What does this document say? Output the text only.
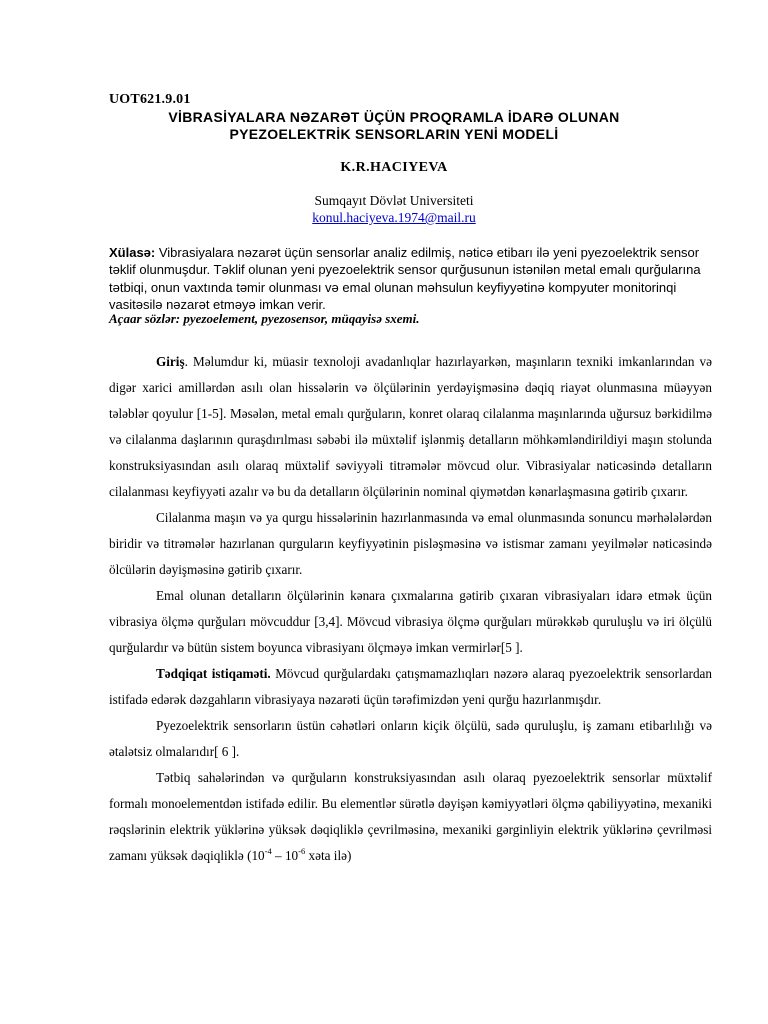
UOT621.9.01
VİBRASİYALARA NƏZARƏT ÜÇÜN PROQRAMLA İDARƏ OLUNAN
PYEZOELEKTRİK SENSORLARIN YENİ MODELİ
K.R.HACIYEVA
Sumqayıt Dövlət Universiteti
konul.haciyeva.1974@mail.ru
Xülasə: Vibrasiyalara nəzarət üçün sensorlar analiz edilmiş, nəticə etibarı ilə yeni pyezoelektrik sensor təklif olunmuşdur. Təklif olunan yeni pyezoelektrik sensor qurğusunun istənilən metal emalı qurğularına tətbiqi, onun vaxtında təmir olunması və emal olunan məhsulun keyfiyyətinə kompyuter monitorinqi vasitəsilə nəzarət etməyə imkan verir.
Açaar sözlər: pyezoelement, pyezosensor, müqayisə sxemi.

Giriş. Məlumdur ki, müasir texnoloji avadanlıqlar hazırlayarkən, maşınların texniki imkanlarından və digər xarici amillərdən asılı olan hissələrin və ölçülərinin yerdəyişməsinə dəqiq riayət olunmasına müəyyən tələblər qoyulur [1-5]. Məsələn, metal emalı qurğuların, konret olaraq cilalanma maşınlarında uğursuz bərkidilmə və cilalanma daşlarının quraşdırılması səbəbi ilə müxtəlif işlənmiş detalların möhkəmləndirildiyi maşın stolunda konstruksiyasından asılı olaraq müxtəlif səviyyəli titrəmələr mövcud olur. Vibrasiyalar nəticəsində detalların cilalanması keyfiyyəti azalır və bu da detalların ölçülərinin nominal qiymətdən kənarlaşmasına gətirib çıxarır.

Cilalanma maşın və ya qurgu hissələrinin hazırlanmasında və emal olunmasında sonuncu mərhələlərdən biridir və titrəmələr hazırlanan qurguların keyfiyyətinin pisləşməsinə və istismar zamanı yeyilmələr nəticəsində ölcülərin dəyişməsinə gətirib çıxarır.

Emal olunan detalların ölçülərinin kənara çıxmalarına gətirib çıxaran vibrasiyaları idarə etmək üçün vibrasiya ölçmə qurğuları mövcuddur [3,4]. Mövcud vibrasiya ölçmə qurğuları mürəkkəb quruluşlu və iri ölçülü qurğulardır və bütün sistem boyunca vibrasiyanı ölçməyə imkan vermirlər[5 ].

Tədqiqat istiqaməti. Mövcud qurğulardakı çatışmamazlıqları nəzərə alaraq pyezoelektrik sensorlardan istifadə edərək dəzgahların vibrasiyaya nəzarəti üçün tərəfimizdən yeni qurğu hazırlanmışdır.

Pyezoelektrik sensorların üstün cəhətləri onların kiçik ölçülü, sadə quruluşlu, iş zamanı etibarlılığı və ətalətsiz olmalarıdır[ 6 ].

Tətbiq sahələrindən və qurğuların konstruksiyasından asılı olaraq pyezoelektrik sensorlar müxtəlif formalı monoelementdən istifadə edilir. Bu elementlər sürətlə dəyişən kəmiyyətləri ölçmə qabiliyyətinə, mexaniki rəqslərinin elektrik yüklərinə yüksək dəqiqliklə çevrilməsinə, mexaniki gərginliyin elektrik yüklərinə çevrilməsi zamanı yüksək dəqiqliklə ($10^{-4} - 10^{-6}$ xəta ilə)
